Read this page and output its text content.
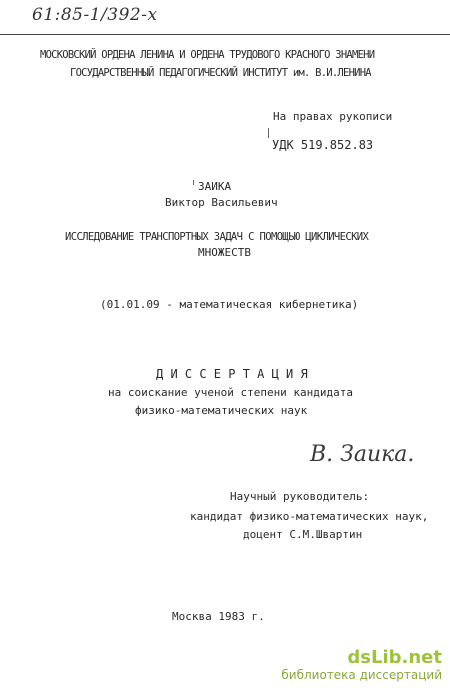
61:85-1/392-х

МОСКОВСКИЙ ОРДЕНА ЛЕНИНА И ОРДЕНА ТРУДОВОГО КРАСНОГО ЗНАМЕНИ

ГОСУДАРСТВЕННЫЙ ПЕДАГОГИЧЕСКИЙ ИНСТИТУТ им. В.И.ЛЕНИНА

На правах рукописи

УДК 519.852.83

ЗАИКА

Виктор Васильевич

ИССЛЕДОВАНИЕ ТРАНСПОРТНЫХ ЗАДАЧ С ПОМОЩЬЮ ЦИКЛИЧЕСКИХ

МНОЖЕСТВ

(01.01.09 - математическая кибернетика)

Д И С С Е Р Т А Ц И Я

на соискание ученой степени кандидата

физико-математических наук

В. Заика.

Научный руководитель:

кандидат физико-математических наук,

доцент С.М.Швартин

Москва 1983 г.

dsLib.net
библиотека диссертаций
